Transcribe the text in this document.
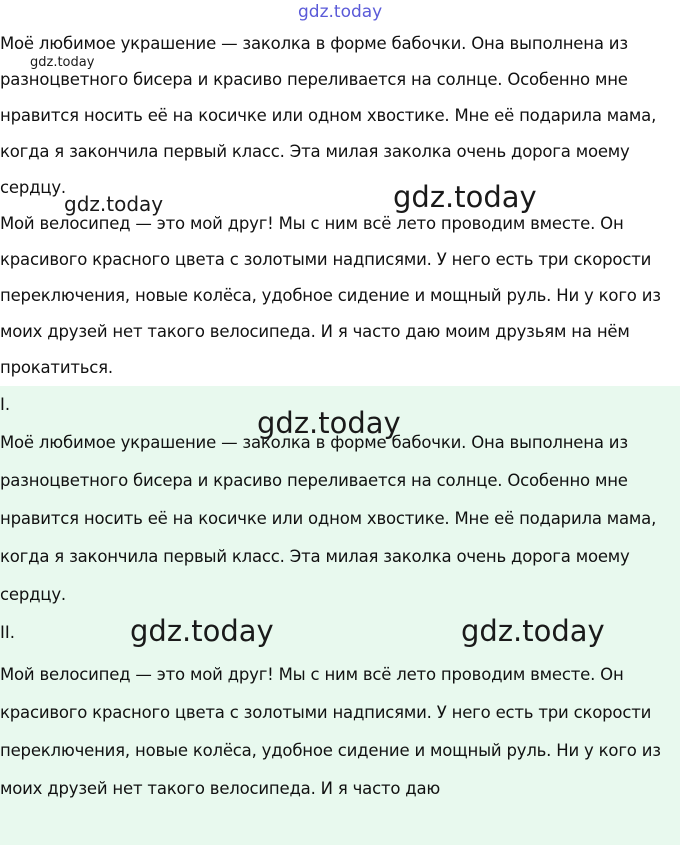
Моё любимое украшение — заколка в форме бабочки. Она выполнена из разноцветного бисера и красиво переливается на солнце. Особенно мне нравится носить её на косичке или одном хвостике. Мне её подарила мама, когда я закончила первый класс. Эта милая заколка очень дорога моему сердцу.

Мой велосипед — это мой друг! Мы с ним всё лето проводим вместе. Он красивого красного цвета с золотыми надписями. У него есть три скорости переключения, новые колёса, удобное сидение и мощный руль. Ни у кого из моих друзей нет такого велосипеда. И я часто даю моим друзьям на нём прокатиться.

I.

Моё любимое украшение — заколка в форме бабочки. Она выполнена из разноцветного бисера и красиво переливается на солнце. Особенно мне нравится носить её на косичке или одном хвостике. Мне её подарила мама, когда я закончила первый класс. Эта милая заколка очень дорога моему сердцу.

II.

Мой велосипед — это мой друг! Мы с ним всё лето проводим вместе. Он красивого красного цвета с золотыми надписями. У него есть три скорости переключения, новые колёса, удобное сидение и мощный руль. Ни у кого из моих друзей нет такого велосипеда. И я часто даю

gdz.today
gdz.today
gdz.today	gdz.today
gdz.today
gdz.today	gdz.today
